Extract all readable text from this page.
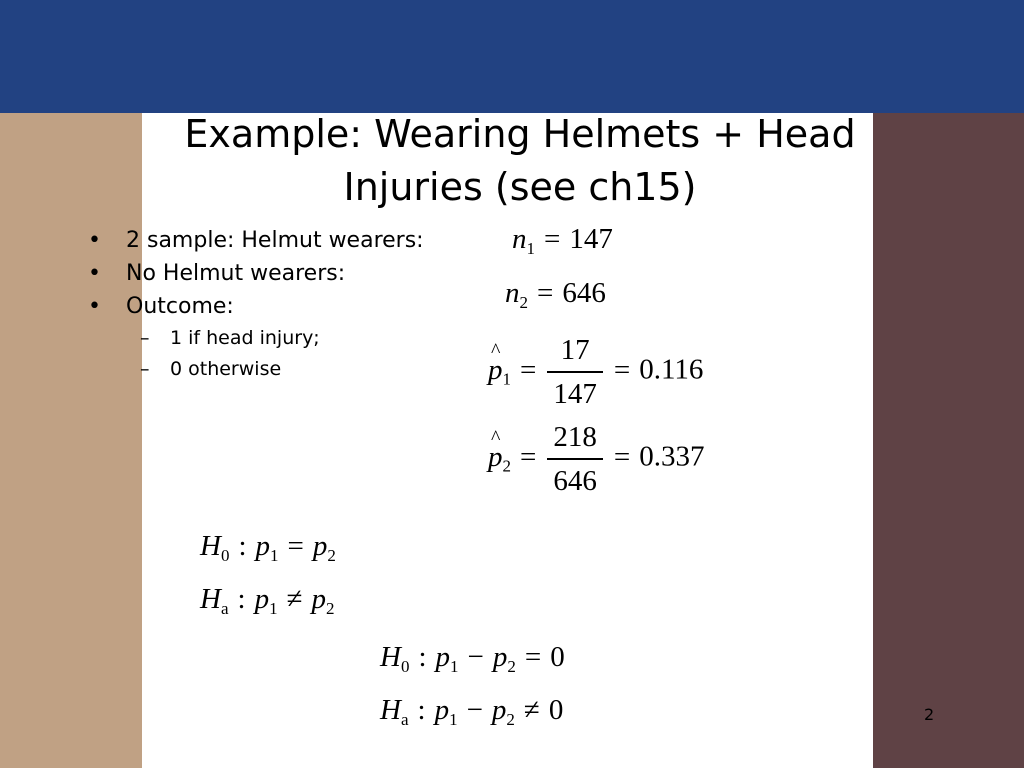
Example: Wearing Helmets + Head
Injuries (see ch15)
• 2 sample: Helmut wearers:
• No Helmut wearers:
• Outcome:
– 1 if head injury;
– 0 otherwise
$n_1 = 147$
$n_2 = 646$
p $\^{}_1 = \frac{17}{147} = 0.116$
p $\^{}_2 = \frac{218}{646} = 0.337$
$H_0$ : $p_1 = p_2$
$H_a$ : $p_1 \ne p_2$
$H_0$ : $p_1 - p_2 = 0$
$H_a$ : $p_1 - p_2 \ne 0$	2
